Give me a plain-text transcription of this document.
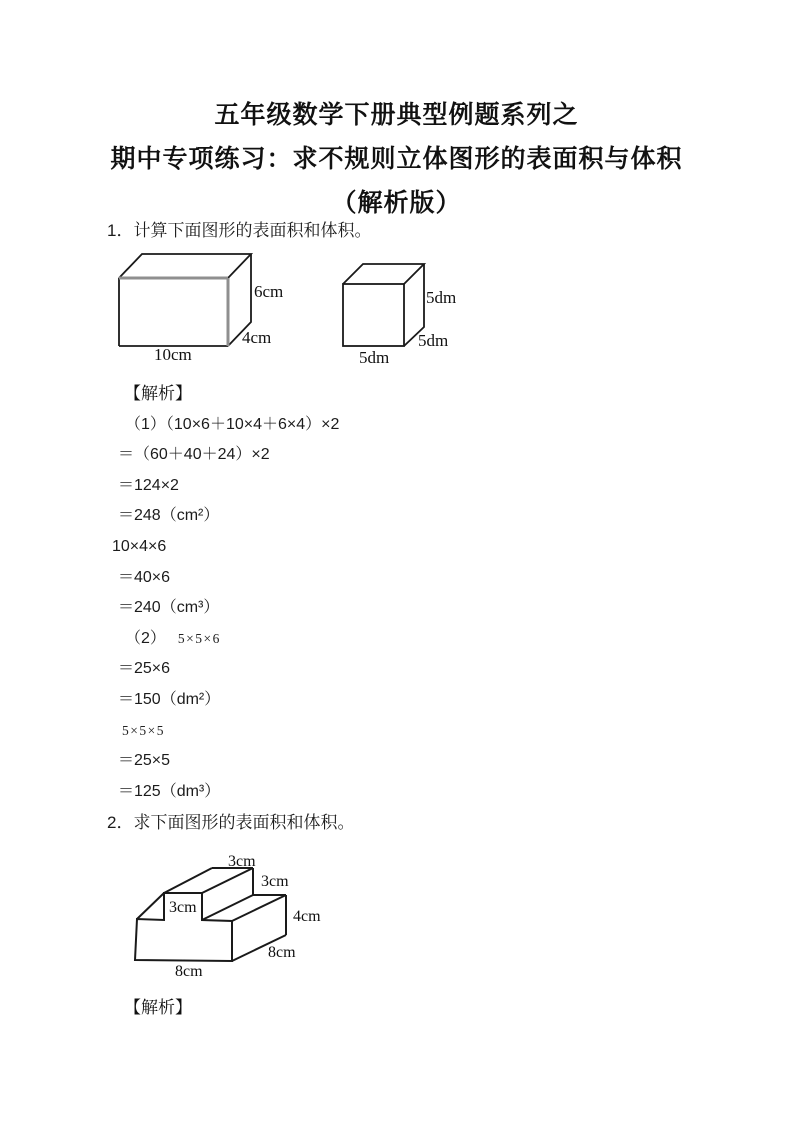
五年级数学下册典型例题系列之
期中专项练习：求不规则立体图形的表面积与体积
（解析版）
1．计算下面图形的表面积和体积。
6cm
4cm
10cm
5dm
5dm
5dm
【解析】
（1）（10×6＋10×4＋6×4）×2
＝（60＋40＋24）×2
＝124×2
＝248（cm²）
10×4×6
＝40×6
＝240（cm³）
（2） 5×5×6
＝25×6
＝150（dm²）
5×5×5
＝25×5
＝125（dm³）
2．求下面图形的表面积和体积。
3cm
3cm
3cm
4cm
8cm
8cm
【解析】
